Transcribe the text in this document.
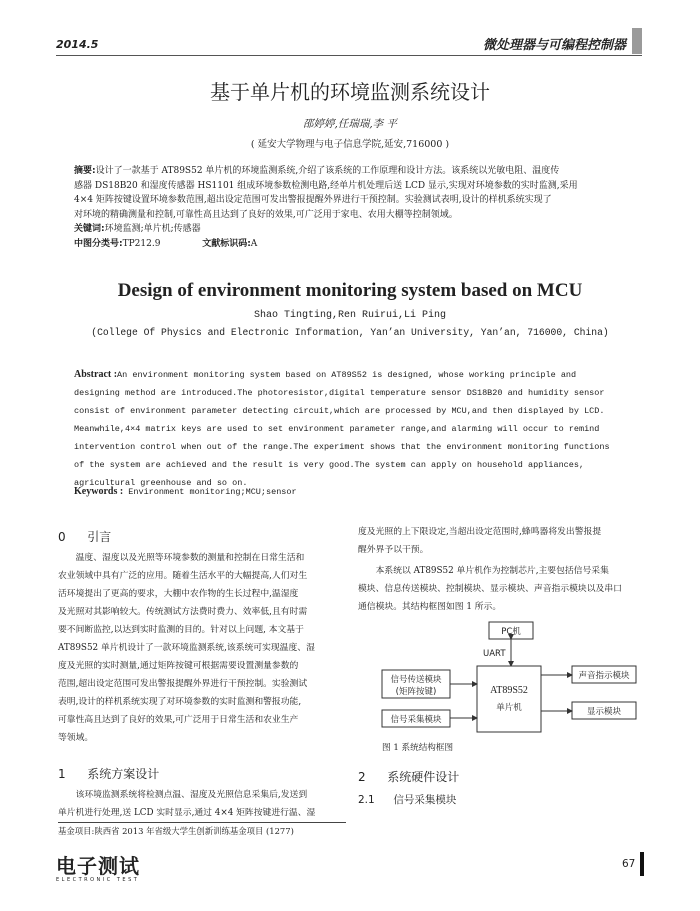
2014.5	微处理器与可编程控制器
基于单片机的环境监测系统设计
邵婷婷,任瑞瑞,李 平
( 延安大学物理与电子信息学院,延安,716000 )
摘要:设计了一款基于 AT89S52 单片机的环境监测系统,介绍了该系统的工作原理和设计方法。该系统以光敏电阻、温度传
感器 DS18B20 和湿度传感器 HS1101 组成环境参数检测电路,经单片机处理后送 LCD 显示,实现对环境参数的实时监测,采用
4×4 矩阵按键设置环境参数范围,超出设定范围可发出警报提醒外界进行干预控制。实验测试表明,设计的样机系统实现了
对环境的精确测量和控制,可靠性高且达到了良好的效果,可广泛用于家电、农用大棚等控制领域。
关键词:环境监测;单片机;传感器
中图分类号:TP212.9	文献标识码:A
Design of environment monitoring system based on MCU
Shao Tingting,Ren Ruirui,Li Ping
(College Of Physics and Electronic Information, Yan’an University, Yan’an, 716000, China)
Abstract :An environment monitoring system based on AT89S52 is designed, whose working principle and
designing method are introduced.The photoresistor,digital temperature sensor DS18B20 and humidity sensor
consist of environment parameter detecting circuit,which are processed by MCU,and then displayed by LCD.
Meanwhile,4×4 matrix keys are used to set environment parameter range,and alarming will occur to remind
intervention control when out of the range.The experiment shows that the environment monitoring functions
of the system are achieved and the result is very good.The system can apply on household appliances,
agricultural greenhouse and so on.
Keywords : Environment monitoring;MCU;sensor
0 引言

温度、湿度以及光照等环境参数的测量和控制在日常生活和

农业领域中具有广泛的应用。随着生活水平的大幅提高,人们对生
活环境提出了更高的要求，大棚中农作物的生长过程中,温湿度
及光照对其影响较大。传统测试方法费时费力、效率低,且有时需
要不间断监控,以达到实时监测的目的。针对以上问题, 本文基于
AT89S52 单片机设计了一款环境监测系统,该系统可实现温度、湿
度及光照的实时测量,通过矩阵按键可根据需要设置测量参数的
范围,超出设定范围可发出警报提醒外界进行干预控制。实验测试
表明,设计的样机系统实现了对环境参数的实时监测和警报功能,
可靠性高且达到了良好的效果,可广泛用于日常生活和农业生产
等领域。
1 系统方案设计

该环境监测系统将检测点温、湿度及光照信息采集后,发送到

单片机进行处理,送 LCD 实时显示,通过 4×4 矩阵按键进行温、湿
基金项目:陕西省 2013 年省级大学生创新训练基金项目 (1277)
度及光照的上下限设定,当超出设定范围时,蜂鸣器将发出警报提
醒外界予以干预。

本系统以 AT89S52 单片机作为控制芯片,主要包括信号采集

模块、信息传送模块、控制模块、显示模块、声音指示模块以及串口
通信模块。其结构框图如图 1 所示。
PC机
UART
AT89S52
单片机
信号传送模块
(矩阵按键)
信号采集模块
声音指示模块
显示模块
图 1 系统结构框图
2 系统硬件设计
2.1 信号采集模块
电子测试
ELECTRONIC TEST
67
